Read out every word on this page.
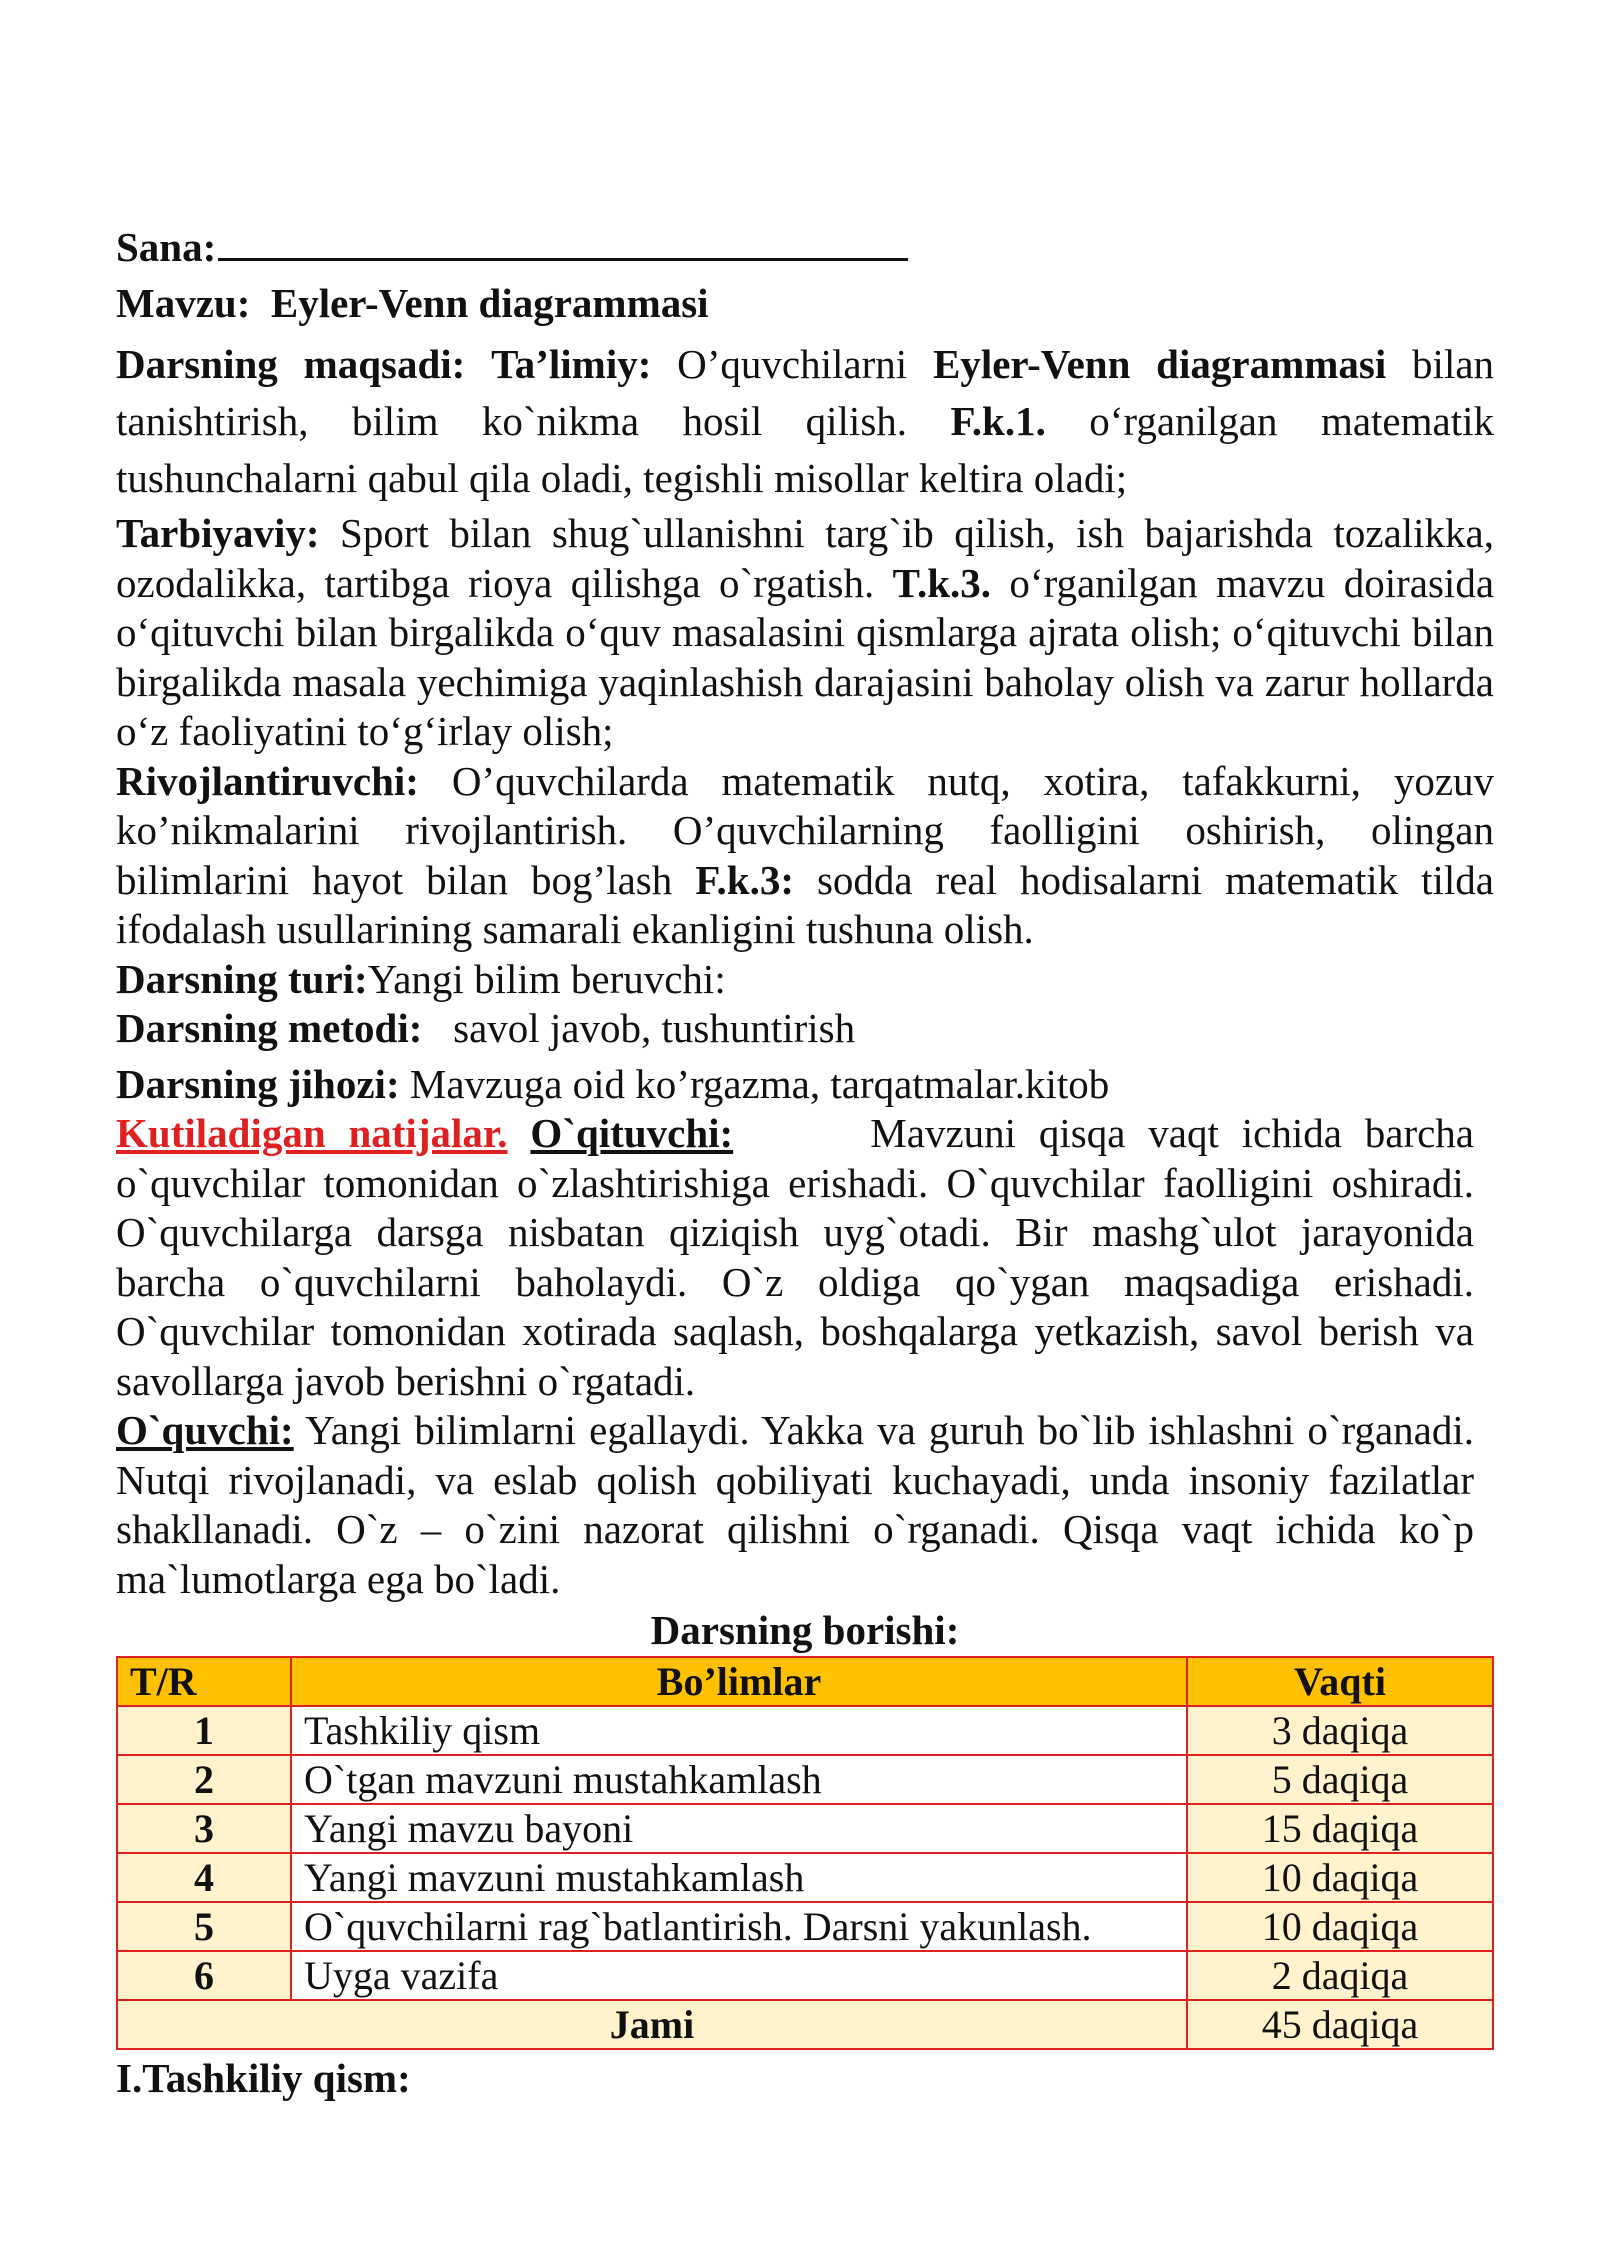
Sana:
Mavzu: Eyler-Venn diagrammasi
Darsning maqsadi: Ta’limiy: O’quvchilarni Eyler-Venn diagrammasi bilan tanishtirish, bilim ko`nikma hosil qilish. F.k.1. o‘rganilgan matematik tushunchalarni qabul qila oladi, tegishli misollar keltira oladi;
Tarbiyaviy: Sport bilan shug`ullanishni targ`ib qilish, ish bajarishda tozalikka, ozodalikka, tartibga rioya qilishga o`rgatish. T.k.3. o‘rganilgan mavzu doirasida o‘qituvchi bilan birgalikda o‘quv masalasini qismlarga ajrata olish; o‘qituvchi bilan birgalikda masala yechimiga yaqinlashish darajasini baholay olish va zarur hollarda o‘z faoliyatini to‘g‘irlay olish;
Rivojlantiruvchi: O’quvchilarda matematik nutq, xotira, tafakkurni, yozuv ko’nikmalarini rivojlantirish. O’quvchilarning faolligini oshirish, olingan bilimlarini hayot bilan bog’lash F.k.3: sodda real hodisalarni matematik tilda ifodalash usullarining samarali ekanligini tushuna olish.
Darsning turi:Yangi bilim beruvchi:
Darsning metodi: savol javob, tushuntirish
Darsning jihozi: Mavzuga oid ko’rgazma, tarqatmalar.kitob
Kutiladigan natijalar. O`qituvchi:	Mavzuni qisqa vaqt ichida barcha o`quvchilar tomonidan o`zlashtirishiga erishadi. O`quvchilar faolligini oshiradi. O`quvchilarga darsga nisbatan qiziqish uyg`otadi. Bir mashg`ulot jarayonida barcha o`quvchilarni baholaydi. O`z oldiga qo`ygan maqsadiga erishadi. O`quvchilar tomonidan xotirada saqlash, boshqalarga yetkazish, savol berish va savollarga javob berishni o`rgatadi.
O`quvchi: Yangi bilimlarni egallaydi. Yakka va guruh bo`lib ishlashni o`rganadi. Nutqi rivojlanadi, va eslab qolish qobiliyati kuchayadi, unda insoniy fazilatlar shakllanadi. O`z – o`zini nazorat qilishni o`rganadi. Qisqa vaqt ichida ko`p ma`lumotlarga ega bo`ladi.
Darsning borishi:
T/R	Bo’limlar	Vaqti
1	Tashkiliy qism	3 daqiqa
2	O`tgan mavzuni mustahkamlash	5 daqiqa
3	Yangi mavzu bayoni	15 daqiqa
4	Yangi mavzuni mustahkamlash	10 daqiqa
5	O`quvchilarni rag`batlantirish. Darsni yakunlash.	10 daqiqa
6	Uyga vazifa	2 daqiqa
Jami		45 daqiqa
I.Tashkiliy qism:
